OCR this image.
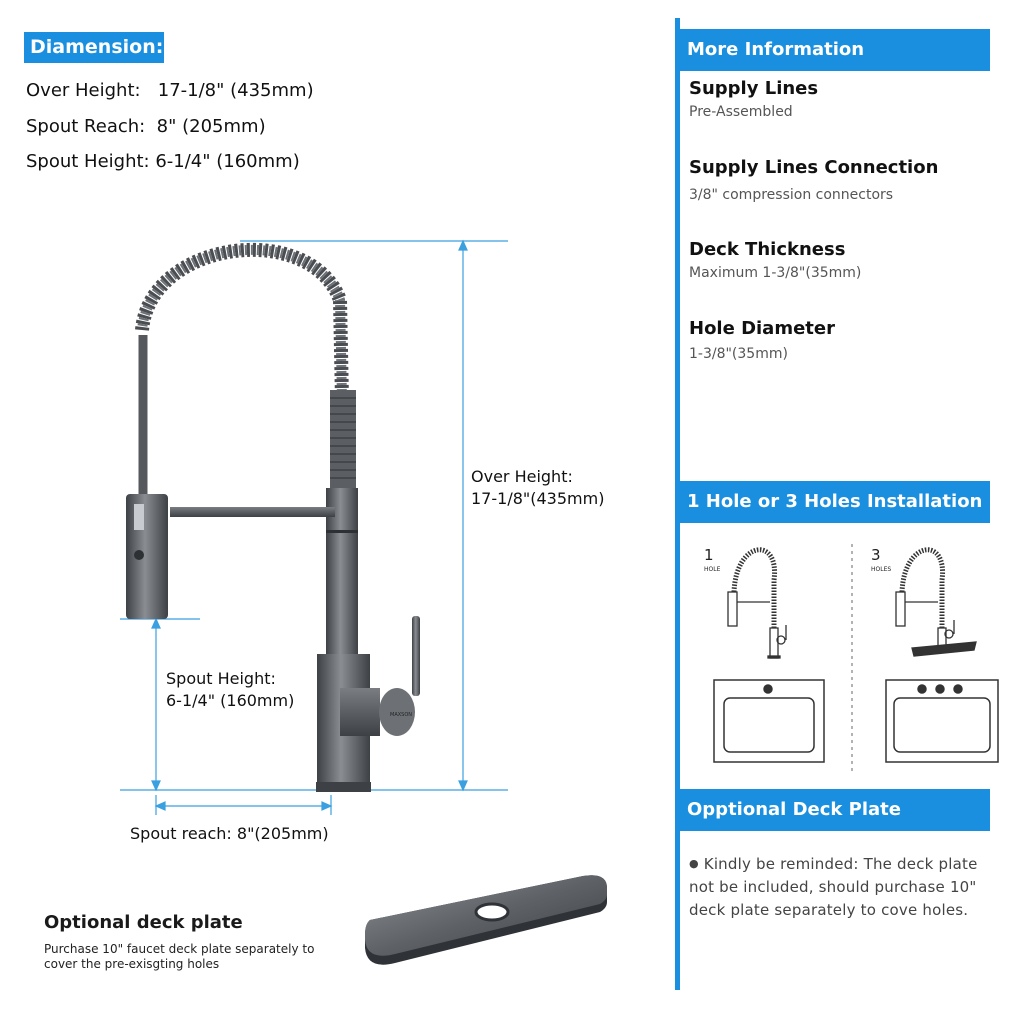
Diamension:
Over Height:   17-1/8" (435mm)
Spout Reach:  8" (205mm)
Spout Height: 6-1/4" (160mm)
MAXSON
Over Height:
17-1/8"(435mm)
Spout Height:
6-1/4" (160mm)
Spout reach: 8"(205mm)
Optional deck plate
Purchase 10" faucet deck plate separately to cover the pre-exisgting holes
More Information
Supply Lines
Pre-Assembled
Supply Lines Connection
3/8" compression connectors
Deck Thickness
Maximum 1-3/8"(35mm)
Hole Diameter
1-3/8"(35mm)
1 Hole or 3 Holes Installation
1
HOLE
3
HOLES
Opptional Deck Plate
● Kindly be reminded: The deck plate not be included, should purchase 10" deck plate separately to cove holes.
